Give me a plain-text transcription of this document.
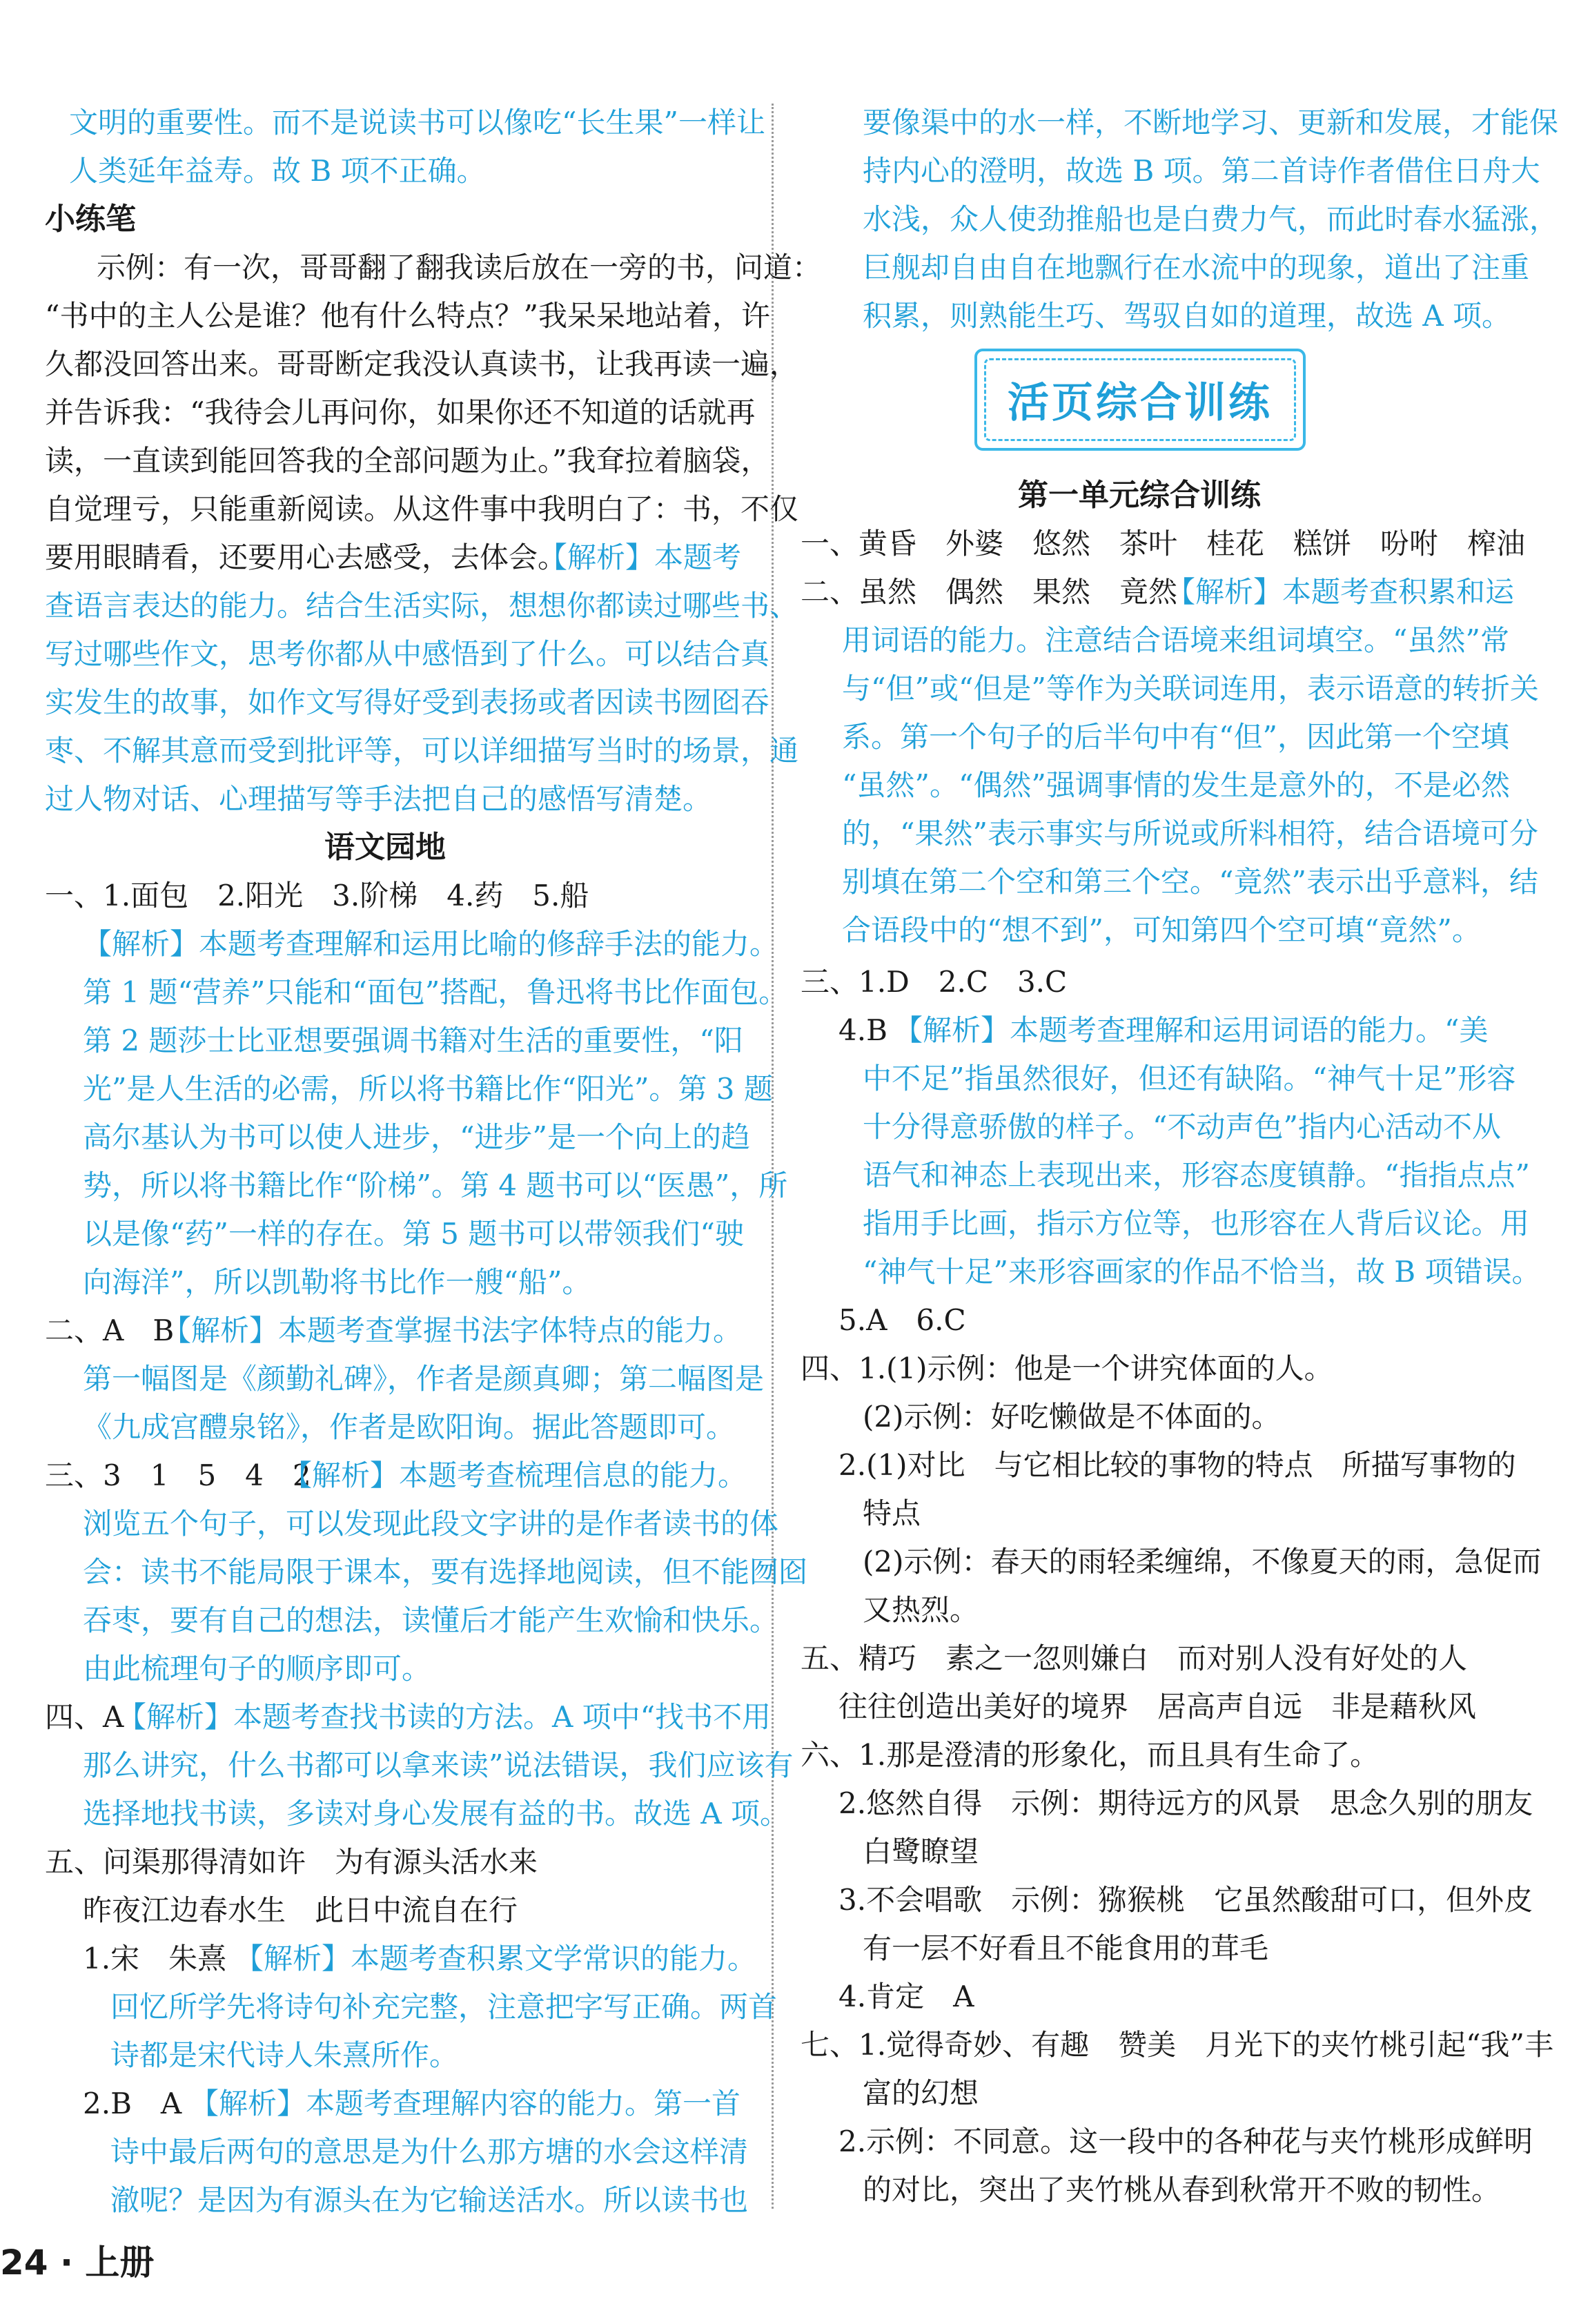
文明的重要性。而不是说读书可以像吃“长生果”一样让
人类延年益寿。故 B 项不正确。
小练笔
示例：有一次，哥哥翻了翻我读后放在一旁的书，问道：
“书中的主人公是谁？他有什么特点？”我呆呆地站着，许
久都没回答出来。哥哥断定我没认真读书，让我再读一遍，
并告诉我：“我待会儿再问你，如果你还不知道的话就再
读，一直读到能回答我的全部问题为止。”我耷拉着脑袋，
自觉理亏，只能重新阅读。从这件事中我明白了：书，不仅
要用眼睛看，还要用心去感受，去体会。
【解析】本题考
查语言表达的能力。结合生活实际，想想你都读过哪些书、
写过哪些作文，思考你都从中感悟到了什么。可以结合真
实发生的故事，如作文写得好受到表扬或者因读书囫囵吞
枣、不解其意而受到批评等，可以详细描写当时的场景，通
过人物对话、心理描写等手法把自己的感悟写清楚。
语文园地
一、1.面包　2.阳光　3.阶梯　4.药　5.船
【解析】本题考查理解和运用比喻的修辞手法的能力。
第 1 题“营养”只能和“面包”搭配，鲁迅将书比作面包。
第 2 题莎士比亚想要强调书籍对生活的重要性，“阳
光”是人生活的必需，所以将书籍比作“阳光”。第 3 题
高尔基认为书可以使人进步，“进步”是一个向上的趋
势，所以将书籍比作“阶梯”。第 4 题书可以“医愚”，所
以是像“药”一样的存在。第 5 题书可以带领我们“驶
向海洋”，所以凯勒将书比作一艘“船”。
二、A　B
【解析】本题考查掌握书法字体特点的能力。
第一幅图是《颜勤礼碑》，作者是颜真卿；第二幅图是
《九成宫醴泉铭》，作者是欧阳询。据此答题即可。
三、3　1　5　4　2
【解析】本题考查梳理信息的能力。
浏览五个句子，可以发现此段文字讲的是作者读书的体
会：读书不能局限于课本，要有选择地阅读，但不能囫囵
吞枣，要有自己的想法，读懂后才能产生欢愉和快乐。
由此梳理句子的顺序即可。
四、A
【解析】本题考查找书读的方法。A 项中“找书不用
那么讲究，什么书都可以拿来读”说法错误，我们应该有
选择地找书读，多读对身心发展有益的书。故选 A 项。
五、问渠那得清如许　为有源头活水来
昨夜江边春水生　此日中流自在行
1.宋　朱熹 【解析】本题考查积累文学常识的能力。
回忆所学先将诗句补充完整，注意把字写正确。两首
诗都是宋代诗人朱熹所作。
2.B　A 【解析】本题考查理解内容的能力。第一首
诗中最后两句的意思是为什么那方塘的水会这样清
澈呢？是因为有源头在为它输送活水。所以读书也
要像渠中的水一样，不断地学习、更新和发展，才能保
持内心的澄明，故选 B 项。第二首诗作者借住日舟大
水浅，众人使劲推船也是白费力气，而此时春水猛涨，
巨舰却自由自在地飘行在水流中的现象，道出了注重
积累，则熟能生巧、驾驭自如的道理，故选 A 项。
第一单元综合训练
一、黄昏　外婆　悠然　茶叶　桂花　糕饼　吩咐　榨油
二、虽然　偶然　果然　竟然
【解析】本题考查积累和运
用词语的能力。注意结合语境来组词填空。“虽然”常
与“但”或“但是”等作为关联词连用，表示语意的转折关
系。第一个句子的后半句中有“但”，因此第一个空填
“虽然”。“偶然”强调事情的发生是意外的，不是必然
的，“果然”表示事实与所说或所料相符，结合语境可分
别填在第二个空和第三个空。“竟然”表示出乎意料，结
合语段中的“想不到”，可知第四个空可填“竟然”。
三、1.D　2.C　3.C
4.B 【解析】本题考查理解和运用词语的能力。“美
中不足”指虽然很好，但还有缺陷。“神气十足”形容
十分得意骄傲的样子。“不动声色”指内心活动不从
语气和神态上表现出来，形容态度镇静。“指指点点”
指用手比画，指示方位等，也形容在人背后议论。用
“神气十足”来形容画家的作品不恰当，故 B 项错误。
5.A　6.C
四、1.(1)示例：他是一个讲究体面的人。
(2)示例：好吃懒做是不体面的。
2.(1)对比　与它相比较的事物的特点　所描写事物的
特点
(2)示例：春天的雨轻柔缠绵，不像夏天的雨，急促而
又热烈。
五、精巧　素之一忽则嫌白　而对别人没有好处的人
往往创造出美好的境界　居高声自远　非是藉秋风
六、1.那是澄清的形象化，而且具有生命了。
2.悠然自得　示例：期待远方的风景　思念久别的朋友
白鹭瞭望
3.不会唱歌　示例：猕猴桃　它虽然酸甜可口，但外皮
有一层不好看且不能食用的茸毛
4.肯定　A
七、1.觉得奇妙、有趣　赞美　月光下的夹竹桃引起“我”丰
富的幻想
2.示例：不同意。这一段中的各种花与夹竹桃形成鲜明
的对比，突出了夹竹桃从春到秋常开不败的韧性。
活页综合训练
24 · 上册
